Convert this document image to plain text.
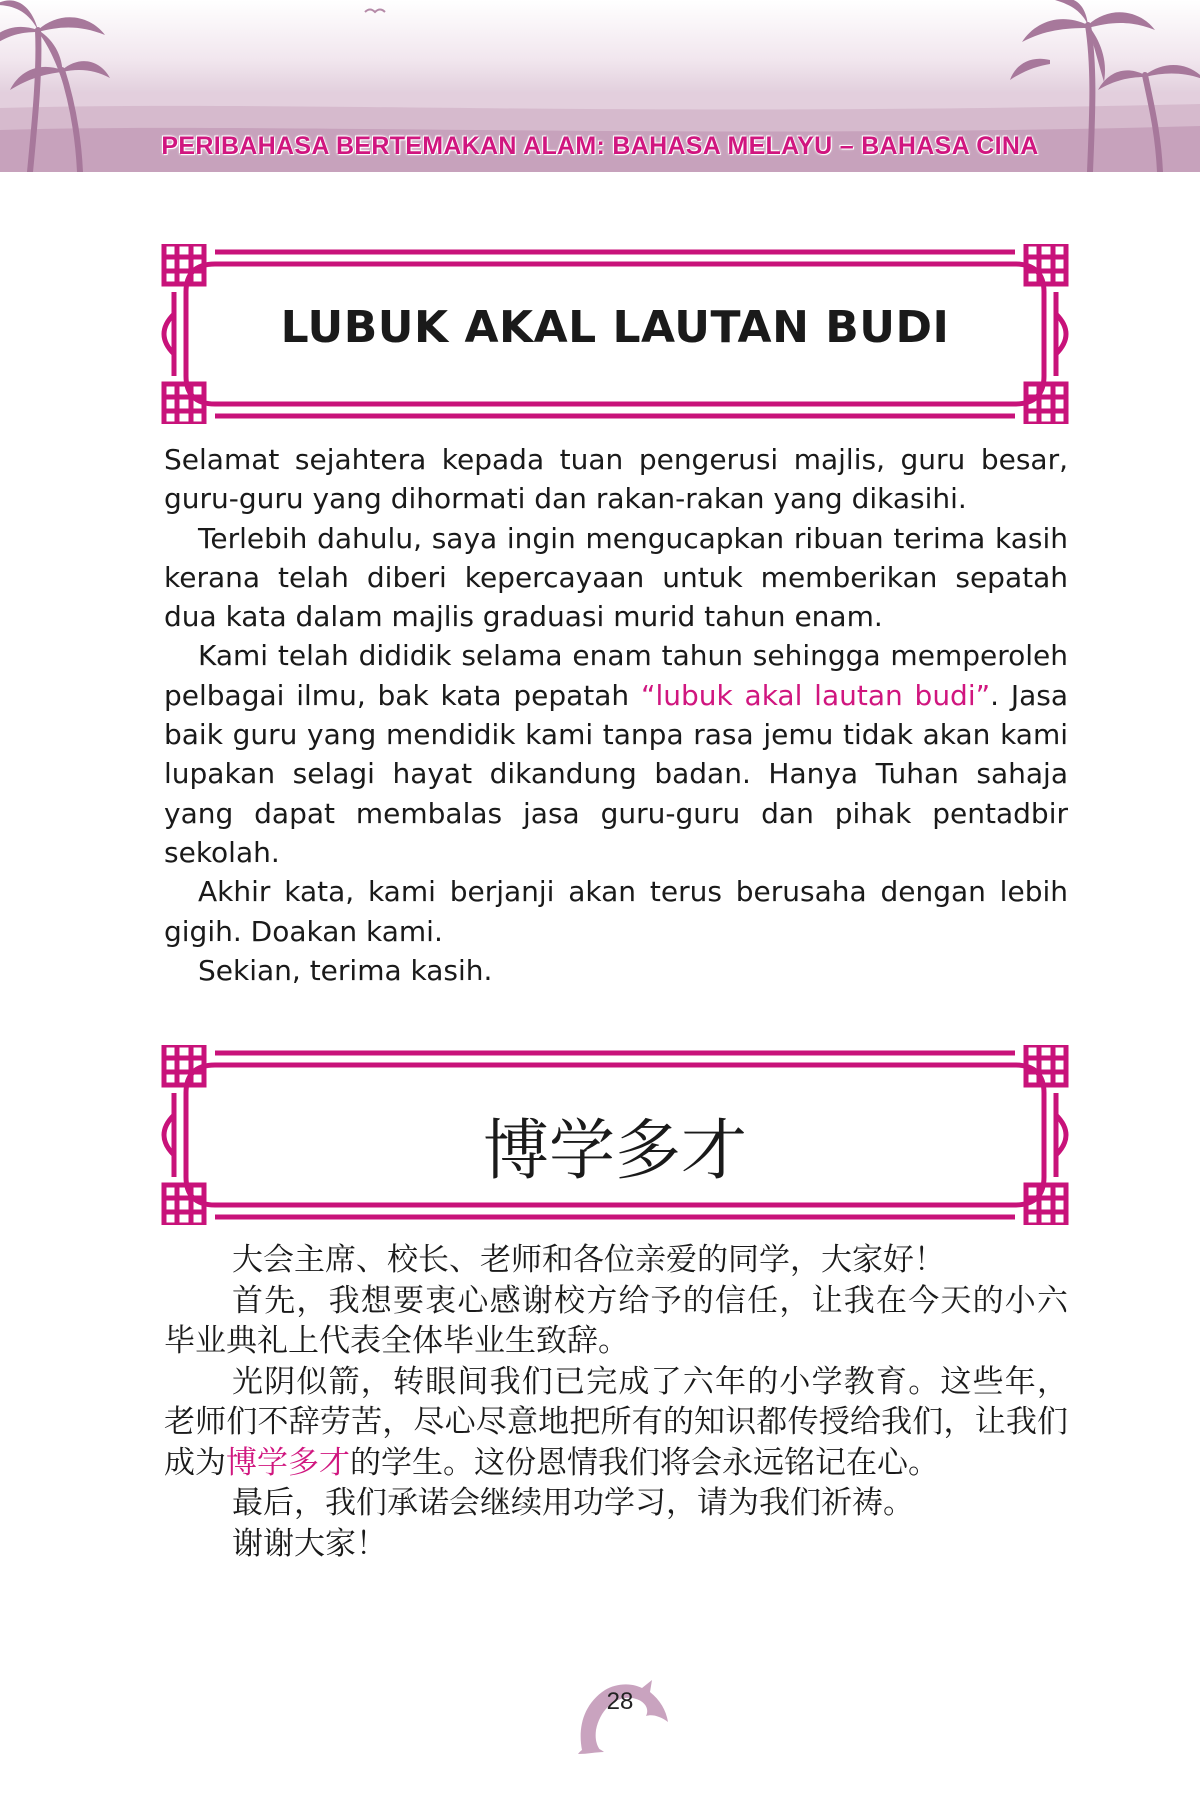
PERIBAHASA BERTEMAKAN ALAM: BAHASA MELAYU – BAHASA CINA
LUBUK AKAL LAUTAN BUDI

Selamat sejahtera kepada tuan pengerusi majlis, guru besar, guru-guru yang dihormati dan rakan-rakan yang dikasihi.

Terlebih dahulu, saya ingin mengucapkan ribuan terima kasih kerana telah diberi kepercayaan untuk memberikan sepatah dua kata dalam majlis graduasi murid tahun enam.

Kami telah dididik selama enam tahun sehingga memperoleh pelbagai ilmu, bak kata pepatah “lubuk akal lautan budi”. Jasa baik guru yang mendidik kami tanpa rasa jemu tidak akan kami lupakan selagi hayat dikandung badan. Hanya Tuhan sahaja yang dapat membalas jasa guru-guru dan pihak pentadbir sekolah.

Akhir kata, kami berjanji akan terus berusaha dengan lebih gigih. Doakan kami.

Sekian, terima kasih.

博学多才

大会主席、校长、老师和各位亲爱的同学，大家好！

首先，我想要衷心感谢校方给予的信任，让我在今天的小六毕业典礼上代表全体毕业生致辞。

光阴似箭，转眼间我们已完成了六年的小学教育。这些年，老师们不辞劳苦，尽心尽意地把所有的知识都传授给我们，让我们成为博学多才的学生。这份恩情我们将会永远铭记在心。

最后，我们承诺会继续用功学习，请为我们祈祷。

谢谢大家！

28
